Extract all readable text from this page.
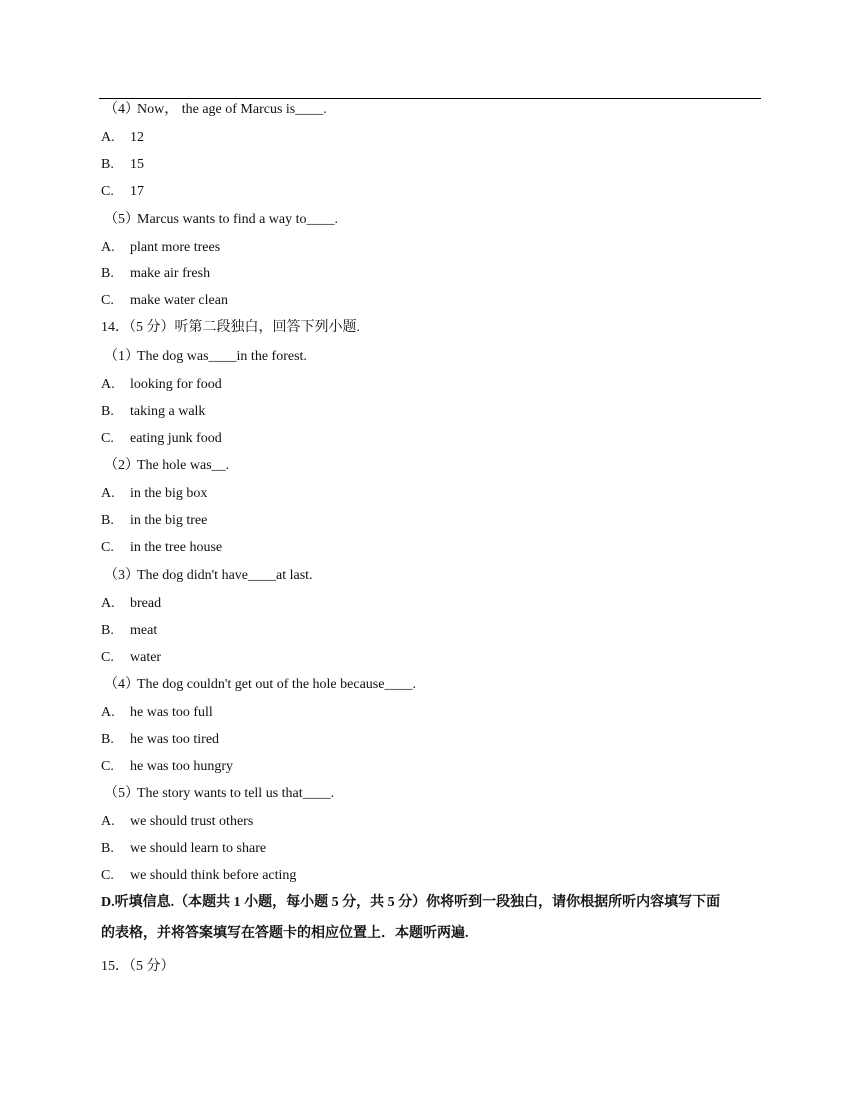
（4）Now， the age of Marcus is____.
A. 12
B. 15
C. 17
（5）Marcus wants to find a way to____.
A. plant more trees
B. make air fresh
C. make water clean
14．（5 分）听第二段独白，回答下列小题.
（1）The dog was____in the forest.
A. looking for food
B. taking a walk
C. eating junk food
（2）The hole was__.
A. in the big box
B. in the big tree
C. in the tree house
（3）The dog didn't have____at last.
A. bread
B. meat
C. water
（4）The dog couldn't get out of the hole because____.
A. he was too full
B. he was too tired
C. he was too hungry
（5）The story wants to tell us that____.
A. we should trust others
B. we should learn to share
C. we should think before acting
D.听填信息.（本题共 1 小题，每小题 5 分，共 5 分）你将听到一段独白，请你根据所听内容填写下面
的表格，并将答案填写在答题卡的相应位置上．本题听两遍.
15．（5 分）
